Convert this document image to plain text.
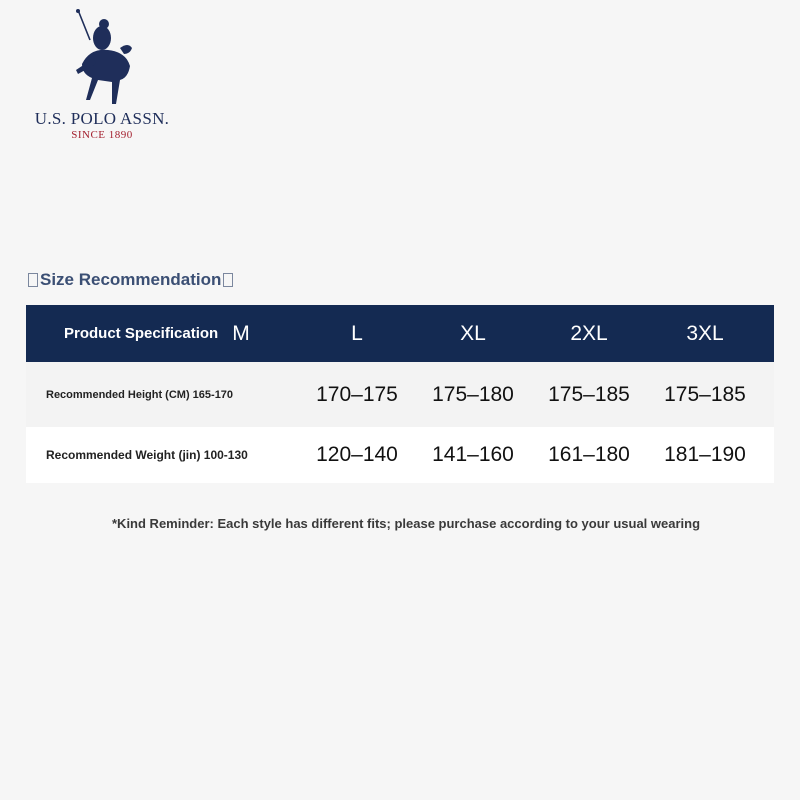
U.S. POLO ASSN.
SINCE 1890
Size Recommendation
Product Specification M	L	XL	2XL	3XL
Recommended Height (CM) 165-170	170–175	175–180	175–185	175–185
Recommended Weight (jin) 100-130	120–140	141–160	161–180	181–190
*Kind Reminder: Each style has different fits; please purchase according to your usual wearing
